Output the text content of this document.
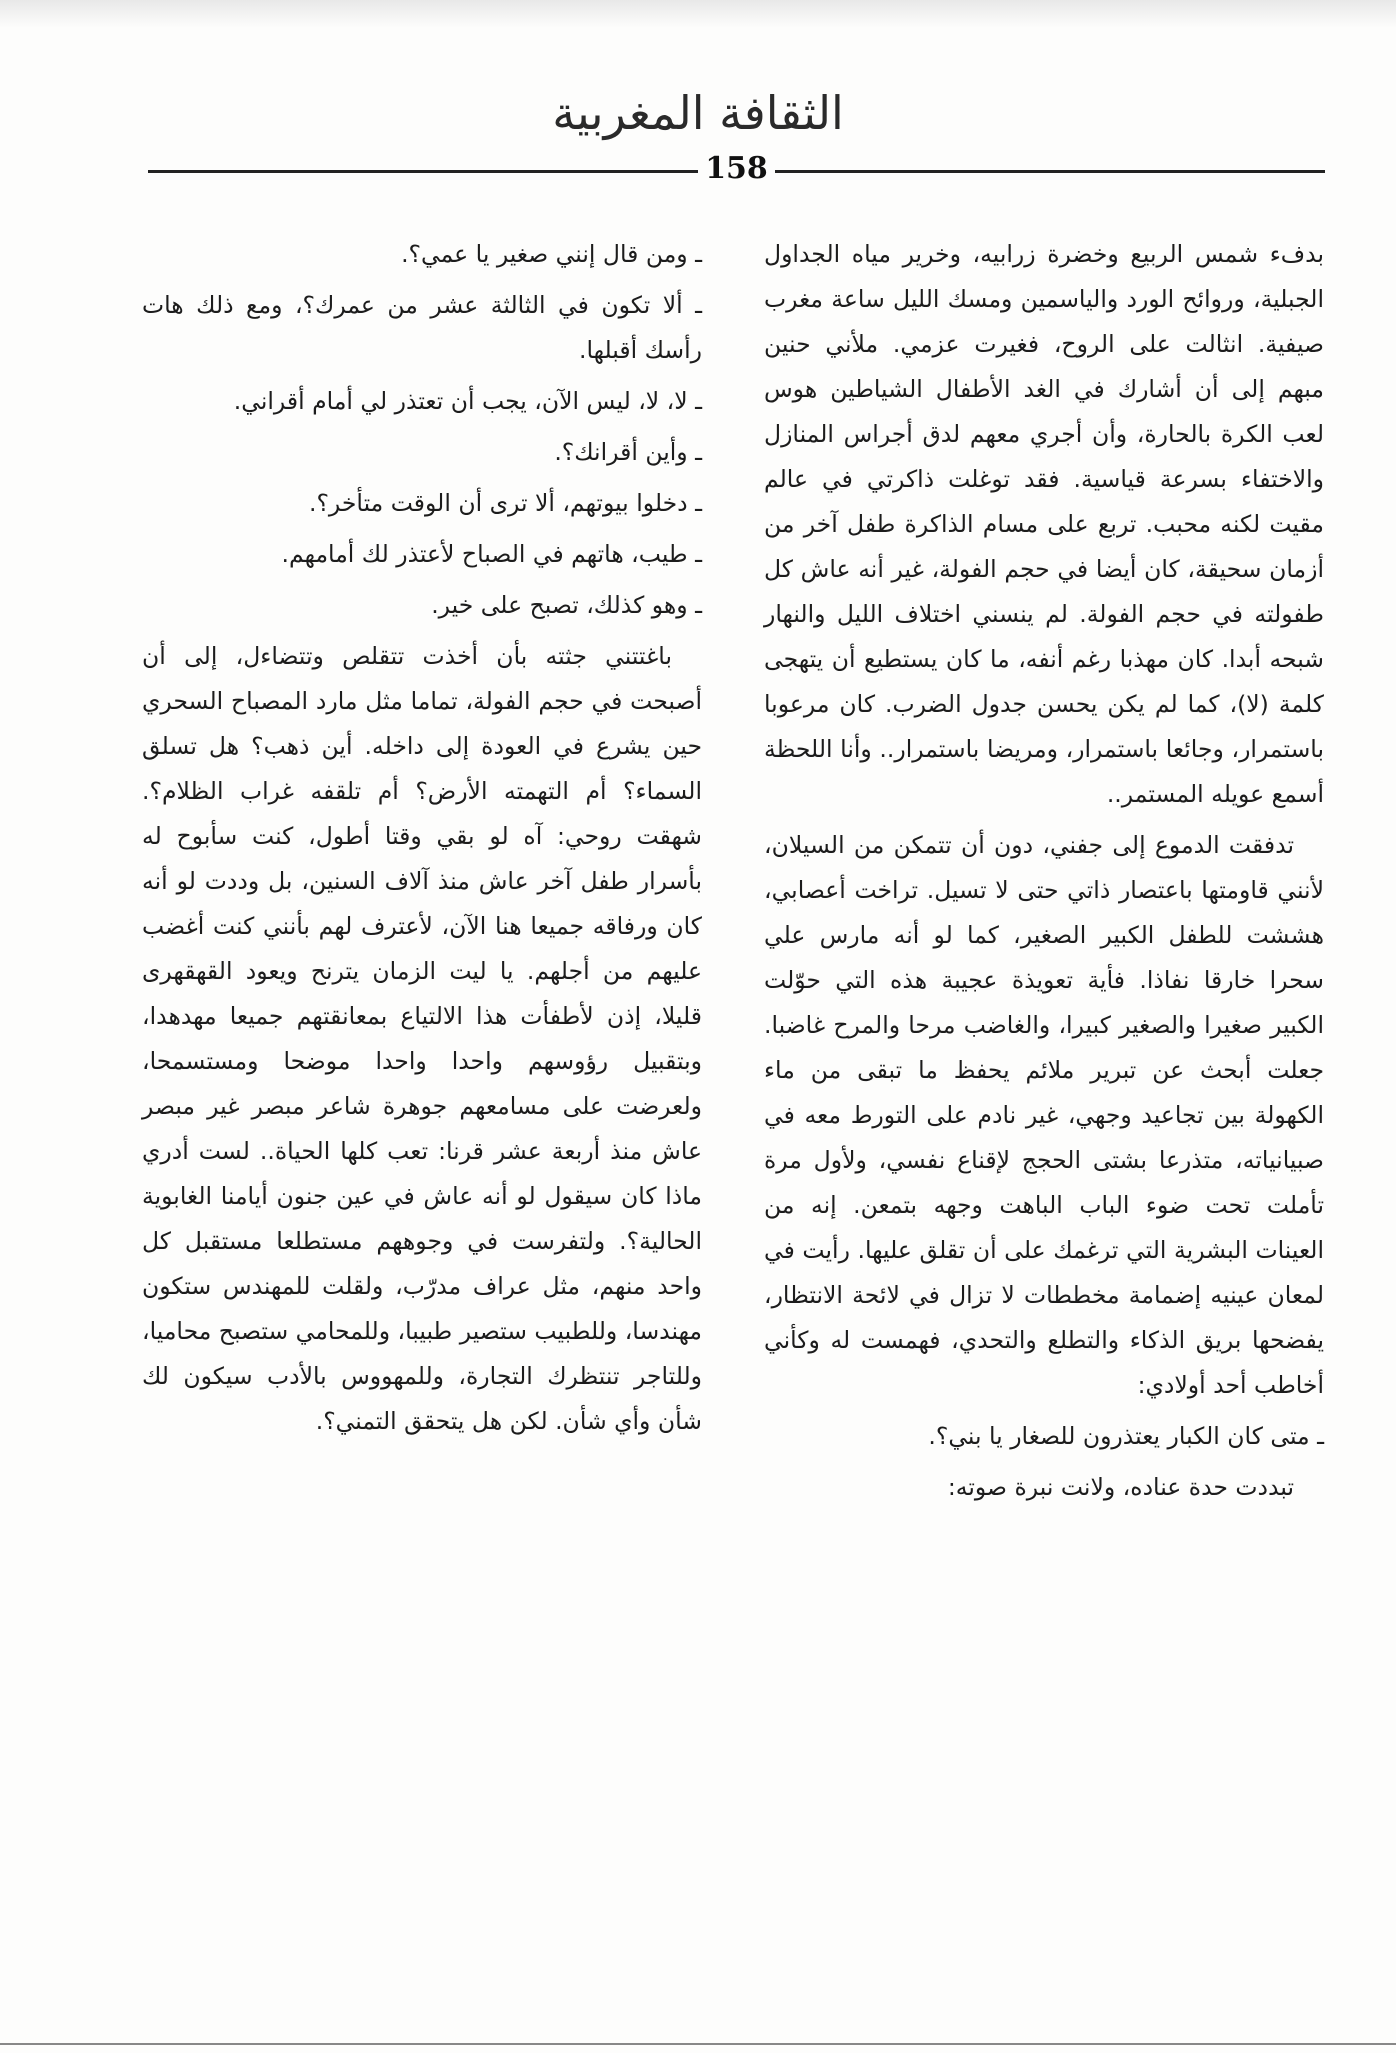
الثقافة المغربية
158

بدفء شمس الربيع وخضرة زرابيه، وخرير مياه الجداول الجبلية، وروائح الورد والياسمين ومسك الليل ساعة مغرب صيفية. انثالت على الروح، فغيرت عزمي. ملأني حنين مبهم إلى أن أشارك في الغد الأطفال الشياطين هوس لعب الكرة بالحارة، وأن أجري معهم لدق أجراس المنازل والاختفاء بسرعة قياسية. فقد توغلت ذاكرتي في عالم مقيت لكنه محبب. تربع على مسام الذاكرة طفل آخر من أزمان سحيقة، كان أيضا في حجم الفولة، غير أنه عاش كل طفولته في حجم الفولة. لم ينسني اختلاف الليل والنهار شبحه أبدا. كان مهذبا رغم أنفه، ما كان يستطيع أن يتهجى كلمة (لا)، كما لم يكن يحسن جدول الضرب. كان مرعوبا باستمرار، وجائعا باستمرار، ومريضا باستمرار.. وأنا اللحظة أسمع عويله المستمر..

تدفقت الدموع إلى جفني، دون أن تتمكن من السيلان، لأنني قاومتها باعتصار ذاتي حتى لا تسيل. تراخت أعصابي، هششت للطفل الكبير الصغير، كما لو أنه مارس علي سحرا خارقا نفاذا. فأية تعويذة عجيبة هذه التي حوّلت الكبير صغيرا والصغير كبيرا، والغاضب مرحا والمرح غاضبا. جعلت أبحث عن تبرير ملائم يحفظ ما تبقى من ماء الكهولة بين تجاعيد وجهي، غير نادم على التورط معه في صبيانياته، متذرعا بشتى الحجج لإقناع نفسي، ولأول مرة تأملت تحت ضوء الباب الباهت وجهه بتمعن. إنه من العينات البشرية التي ترغمك على أن تقلق عليها. رأيت في لمعان عينيه إضمامة مخططات لا تزال في لائحة الانتظار، يفضحها بريق الذكاء والتطلع والتحدي، فهمست له وكأني أخاطب أحد أولادي:

ـ متى كان الكبار يعتذرون للصغار يا بني؟.

تبددت حدة عناده، ولانت نبرة صوته:

ـ ومن قال إنني صغير يا عمي؟.

ـ ألا تكون في الثالثة عشر من عمرك؟، ومع ذلك هات رأسك أقبلها.

ـ لا، لا، ليس الآن، يجب أن تعتذر لي أمام أقراني.

ـ وأين أقرانك؟.

ـ دخلوا بيوتهم، ألا ترى أن الوقت متأخر؟.

ـ طيب، هاتهم في الصباح لأعتذر لك أمامهم.

ـ وهو كذلك، تصبح على خير.

باغتتني جثته بأن أخذت تتقلص وتتضاءل، إلى أن أصبحت في حجم الفولة، تماما مثل مارد المصباح السحري حين يشرع في العودة إلى داخله. أين ذهب؟ هل تسلق السماء؟ أم التهمته الأرض؟ أم تلقفه غراب الظلام؟. شهقت روحي: آه لو بقي وقتا أطول، كنت سأبوح له بأسرار طفل آخر عاش منذ آلاف السنين، بل وددت لو أنه كان ورفاقه جميعا هنا الآن، لأعترف لهم بأنني كنت أغضب عليهم من أجلهم. يا ليت الزمان يترنح ويعود القهقهرى قليلا، إذن لأطفأت هذا الالتياع بمعانقتهم جميعا مهدهدا، وبتقبيل رؤوسهم واحدا واحدا موضحا ومستسمحا، ولعرضت على مسامعهم جوهرة شاعر مبصر غير مبصر عاش منذ أربعة عشر قرنا: تعب كلها الحياة.. لست أدري ماذا كان سيقول لو أنه عاش في عين جنون أيامنا الغابوية الحالية؟. ولتفرست في وجوههم مستطلعا مستقبل كل واحد منهم، مثل عراف مدرّب، ولقلت للمهندس ستكون مهندسا، وللطبيب ستصير طبيبا، وللمحامي ستصبح محاميا، وللتاجر تنتظرك التجارة، وللمهووس بالأدب سيكون لك شأن وأي شأن. لكن هل يتحقق التمني؟.
